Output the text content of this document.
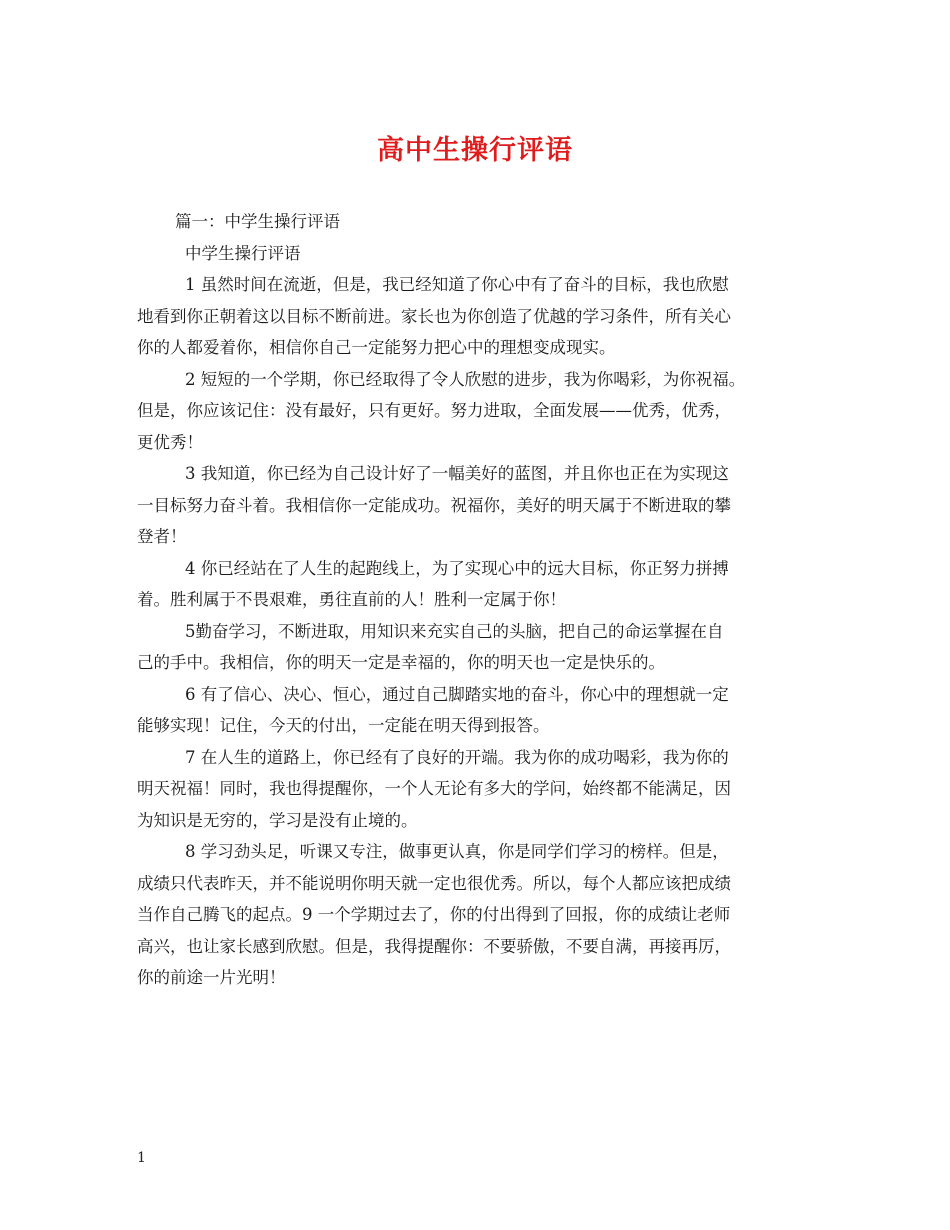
高中生操行评语
篇一：中学生操行评语
中学生操行评语
1 虽然时间在流逝，但是，我已经知道了你心中有了奋斗的目标，我也欣慰
地看到你正朝着这以目标不断前进。家长也为你创造了优越的学习条件，所有关心
你的人都爱着你，相信你自己一定能努力把心中的理想变成现实。
2 短短的一个学期，你已经取得了令人欣慰的进步，我为你喝彩，为你祝福。
但是，你应该记住：没有最好，只有更好。努力进取，全面发展——优秀，优秀，
更优秀！
3 我知道，你已经为自己设计好了一幅美好的蓝图，并且你也正在为实现这
一目标努力奋斗着。我相信你一定能成功。祝福你，美好的明天属于不断进取的攀
登者！
4 你已经站在了人生的起跑线上，为了实现心中的远大目标，你正努力拼搏
着。胜利属于不畏艰难，勇往直前的人！胜利一定属于你！
5勤奋学习，不断进取，用知识来充实自己的头脑，把自己的命运掌握在自
己的手中。我相信，你的明天一定是幸福的，你的明天也一定是快乐的。
6 有了信心、决心、恒心，通过自己脚踏实地的奋斗，你心中的理想就一定
能够实现！记住，今天的付出，一定能在明天得到报答。
7 在人生的道路上，你已经有了良好的开端。我为你的成功喝彩，我为你的
明天祝福！同时，我也得提醒你，一个人无论有多大的学问，始终都不能满足，因
为知识是无穷的，学习是没有止境的。
8 学习劲头足，听课又专注，做事更认真，你是同学们学习的榜样。但是，
成绩只代表昨天，并不能说明你明天就一定也很优秀。所以，每个人都应该把成绩
当作自己腾飞的起点。9 一个学期过去了，你的付出得到了回报，你的成绩让老师
高兴，也让家长感到欣慰。但是，我得提醒你：不要骄傲，不要自满，再接再厉，
你的前途一片光明！
1
